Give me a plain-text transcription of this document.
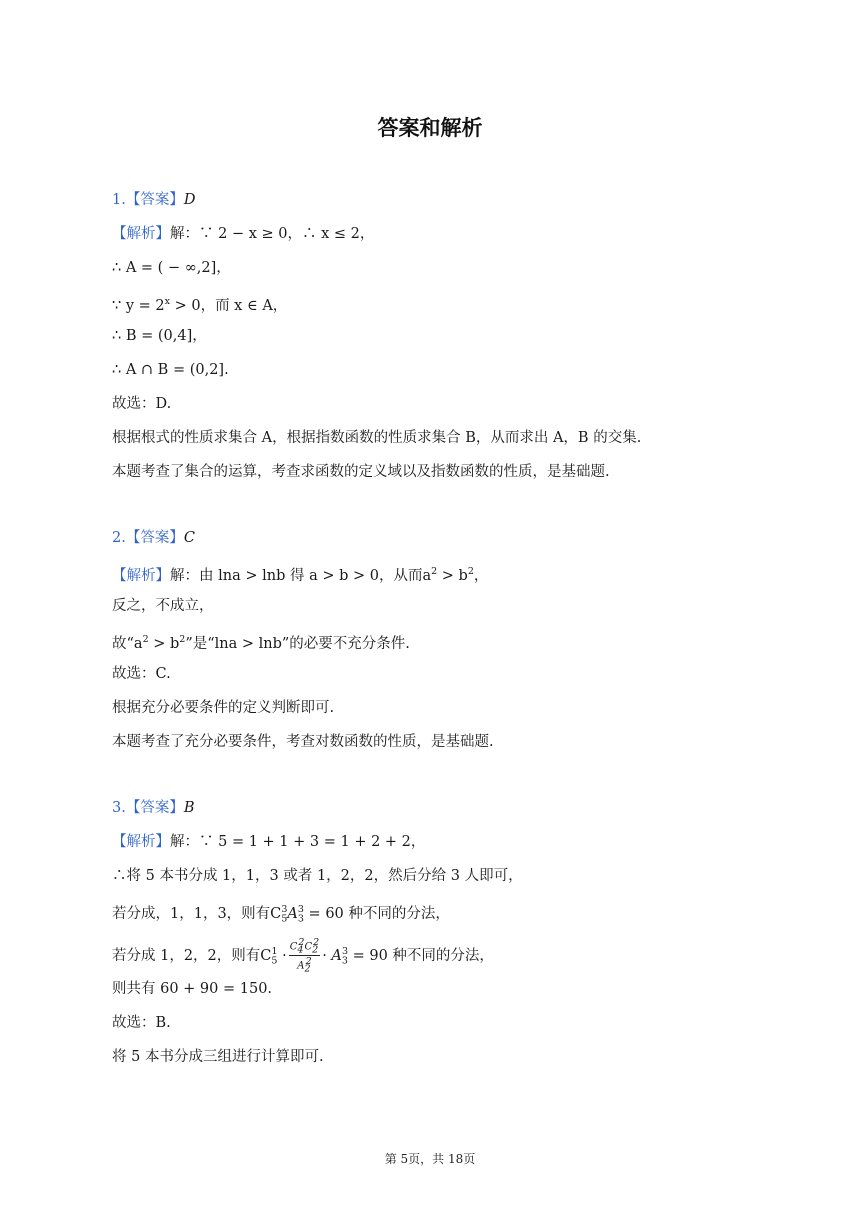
答案和解析
1.【答案】D
【解析】解：∵ 2 − x ≥ 0，∴ x ≤ 2，
∴ A = ( − ∞,2]，
∵ $y = 2^x > 0$，而 x ∈ A，
∴ B = (0,4]，
∴ A ∩ B = (0,2].
故选：D.
根据根式的性质求集合 A，根据指数函数的性质求集合 B，从而求出 A，B 的交集.
本题考查了集合的运算，考查求函数的定义域以及指数函数的性质，是基础题.
2.【答案】C
【解析】解：由 lna > lnb 得 a > b > 0，从而$a^2 > b^2$，
反之，不成立，
故“$a^2 > b^2$”是“lna > lnb”的必要不充分条件.
故选：C.
根据充分必要条件的定义判断即可.
本题考查了充分必要条件，考查对数函数的性质，是基础题.
3.【答案】B
【解析】解：∵ 5 = 1 + 1 + 3 = 1 + 2 + 2，
∴将 5 本书分成 1，1，3 或者 1，2，2，然后分给 3 人即可，
若分成，1，1，3，则有$C_5^3A_3^3 = 60$ 种不同的分法，
若分成 1，2，2，则有$C_5^1 \cdot \frac{C_4^2C_2^2}{A_2^2} \cdot A_3^3 = 90$ 种不同的分法，
则共有 60 + 90 = 150.
故选：B.
将 5 本书分成三组进行计算即可.
第 5页，共 18页
